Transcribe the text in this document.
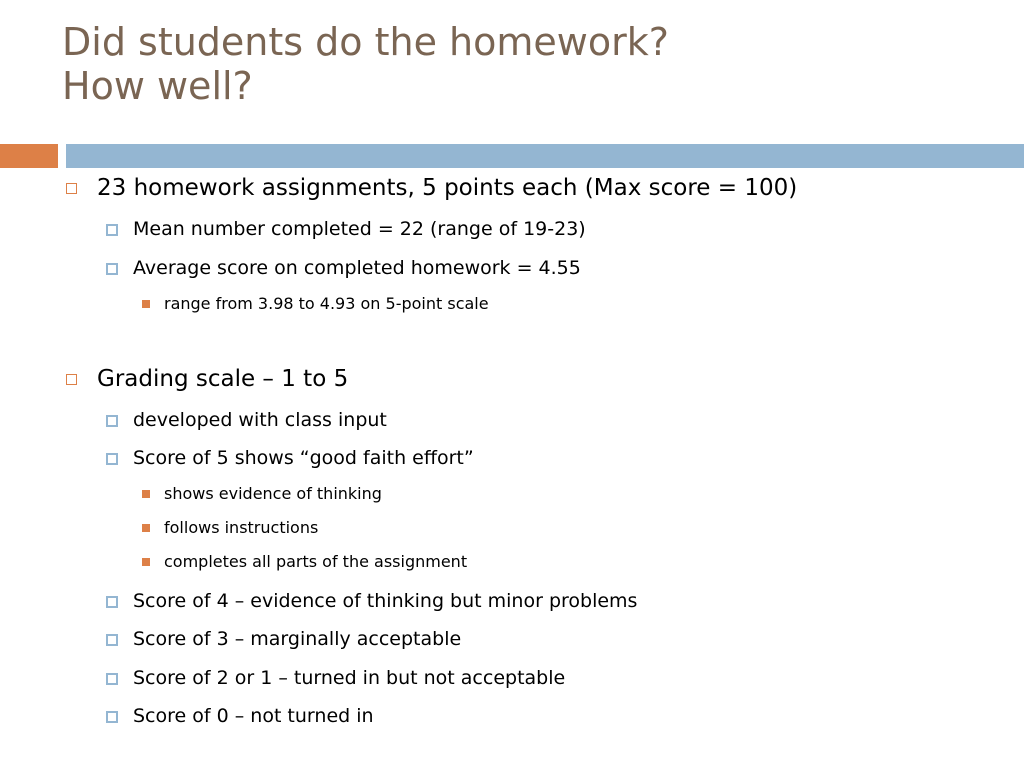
Did students do the homework?
How well?
23 homework assignments, 5 points each (Max score = 100)
Mean number completed = 22 (range of 19-23)
Average score on completed homework = 4.55
range from 3.98 to 4.93 on 5-point scale
Grading scale – 1 to 5
developed with class input
Score of 5 shows “good faith effort”
shows evidence of thinking
follows instructions
completes all parts of the assignment
Score of 4 – evidence of thinking but minor problems
Score of 3 – marginally acceptable
Score of 2 or 1 – turned in but not acceptable
Score of 0 – not turned in
